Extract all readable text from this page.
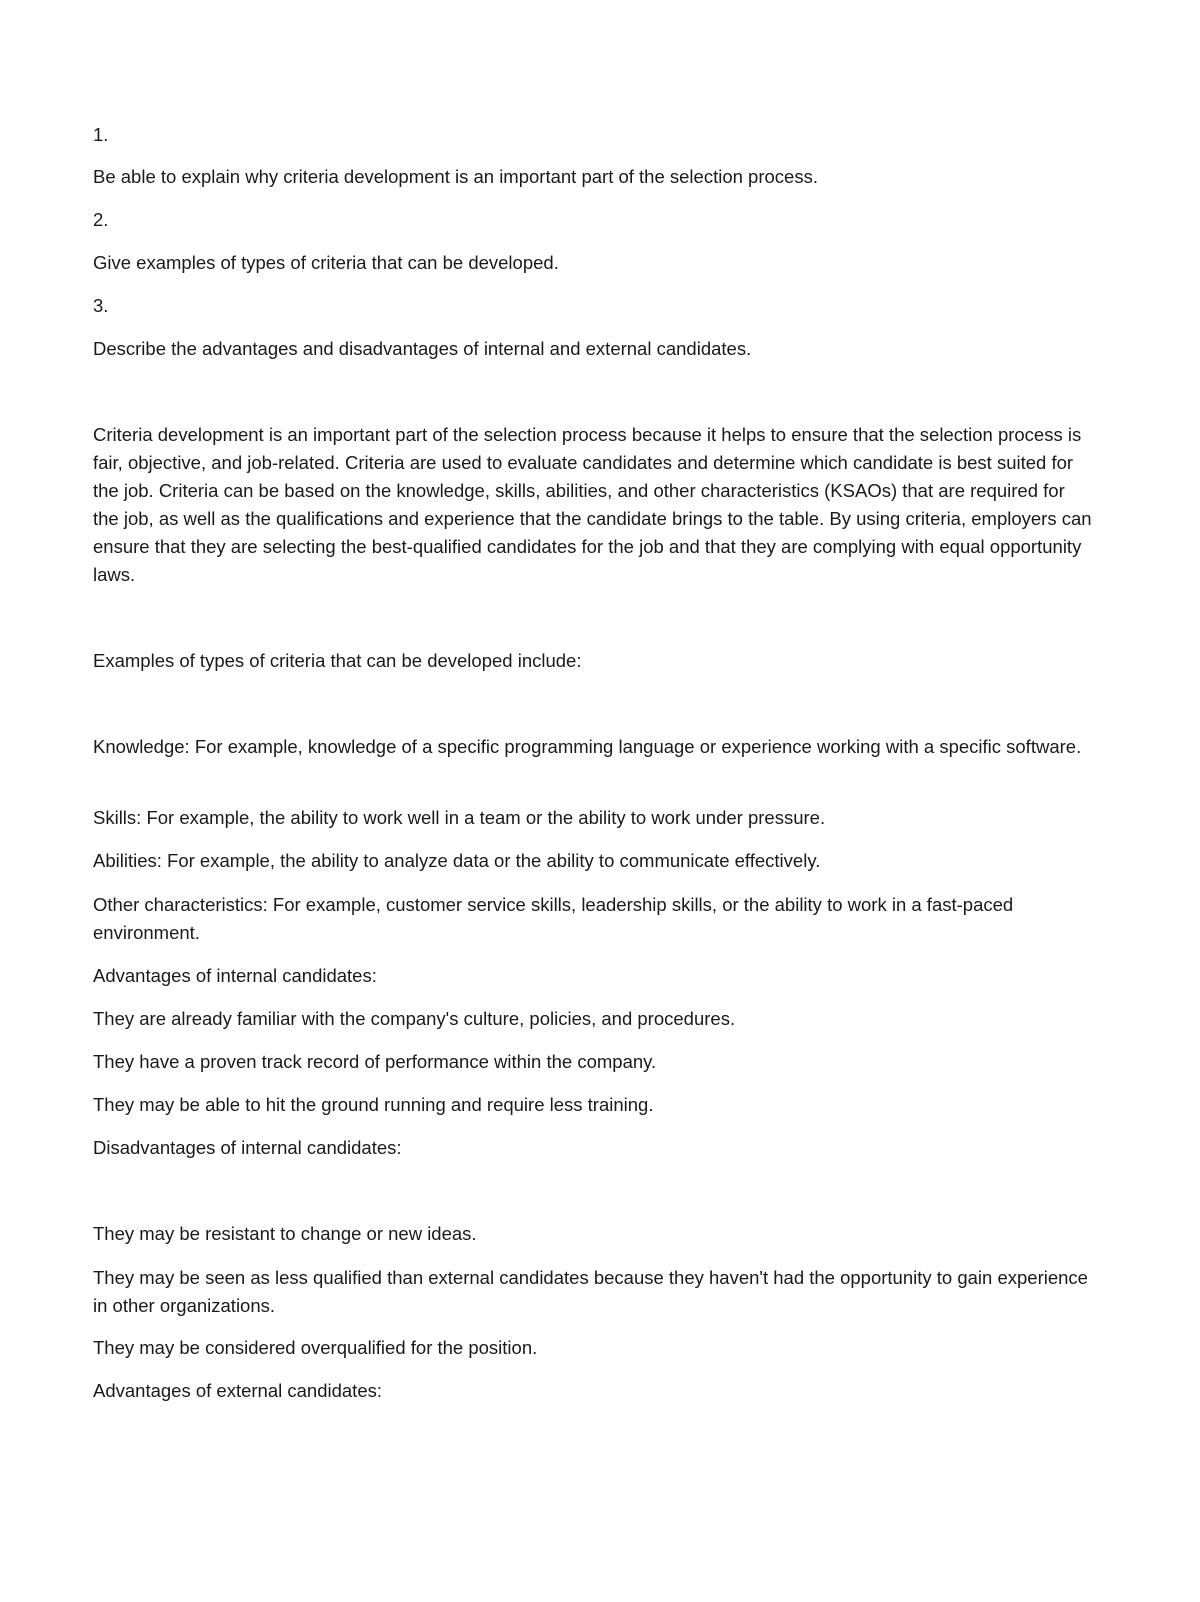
1.

Be able to explain why criteria development is an important part of the selection process.

2.

Give examples of types of criteria that can be developed.

3.

Describe the advantages and disadvantages of internal and external candidates.

Criteria development is an important part of the selection process because it helps to ensure that the selection process is fair, objective, and job-related. Criteria are used to evaluate candidates and determine which candidate is best suited for the job. Criteria can be based on the knowledge, skills, abilities, and other characteristics (KSAOs) that are required for the job, as well as the qualifications and experience that the candidate brings to the table. By using criteria, employers can ensure that they are selecting the best-qualified candidates for the job and that they are complying with equal opportunity laws.

Examples of types of criteria that can be developed include:

Knowledge: For example, knowledge of a specific programming language or experience working with a specific software.

Skills: For example, the ability to work well in a team or the ability to work under pressure.

Abilities: For example, the ability to analyze data or the ability to communicate effectively.

Other characteristics: For example, customer service skills, leadership skills, or the ability to work in a fast-paced environment.

Advantages of internal candidates:

They are already familiar with the company's culture, policies, and procedures.

They have a proven track record of performance within the company.

They may be able to hit the ground running and require less training.

Disadvantages of internal candidates:

They may be resistant to change or new ideas.

They may be seen as less qualified than external candidates because they haven't had the opportunity to gain experience in other organizations.

They may be considered overqualified for the position.

Advantages of external candidates:
